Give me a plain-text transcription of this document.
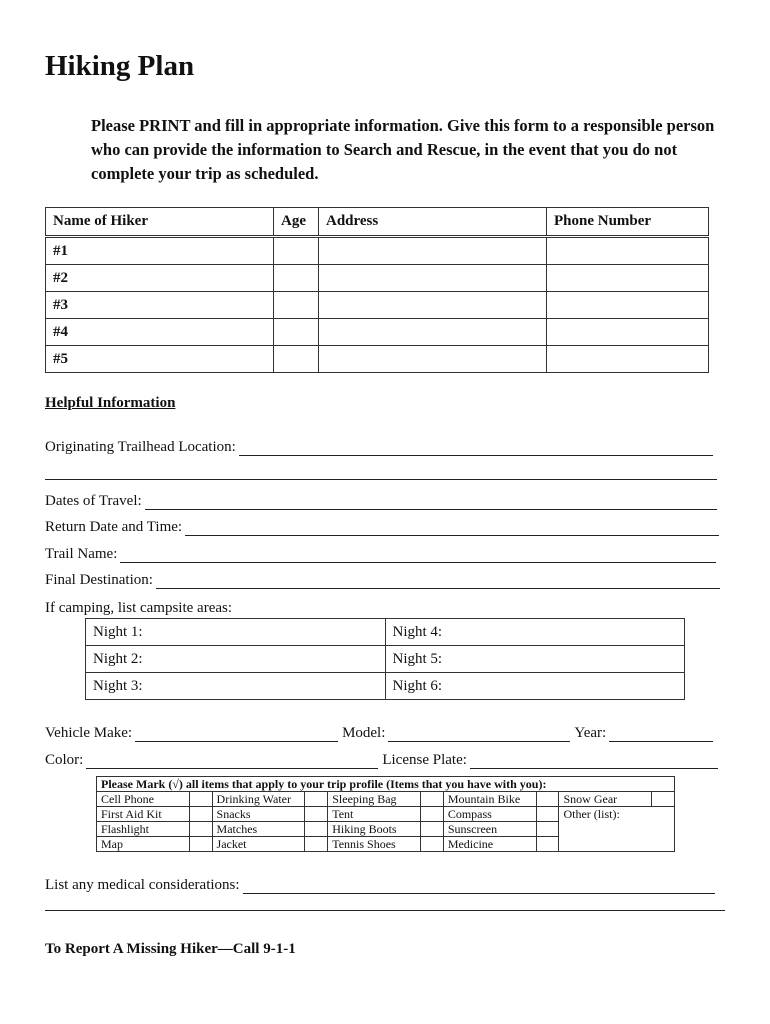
Hiking Plan

Please PRINT and fill in appropriate information. Give this form to a responsible person who can provide the information to Search and Rescue, in the event that you do not complete your trip as scheduled.

Name of Hiker	Age	Address	Phone Number
#1			
#2			
#3			
#4			
#5			
Helpful Information
Originating Trailhead Location:
Dates of Travel:
Return Date and Time:
Trail Name:
Final Destination:
If camping, list campsite areas:
Night 1:	Night 4:
Night 2:	Night 5:
Night 3:	Night 6:
Vehicle Make:	Model:	Year:
Color:	License Plate:
Please Mark (√) all items that apply to your trip profile (Items that you have with you):									
Cell Phone		Drinking Water		Sleeping Bag		Mountain Bike		Snow Gear	
First Aid Kit		Snacks		Tent		Compass		Other (list):	
Flashlight		Matches		Hiking Boots		Sunscreen			
Map		Jacket		Tennis Shoes		Medicine			
List any medical considerations:
To Report A Missing Hiker—Call 9-1-1
